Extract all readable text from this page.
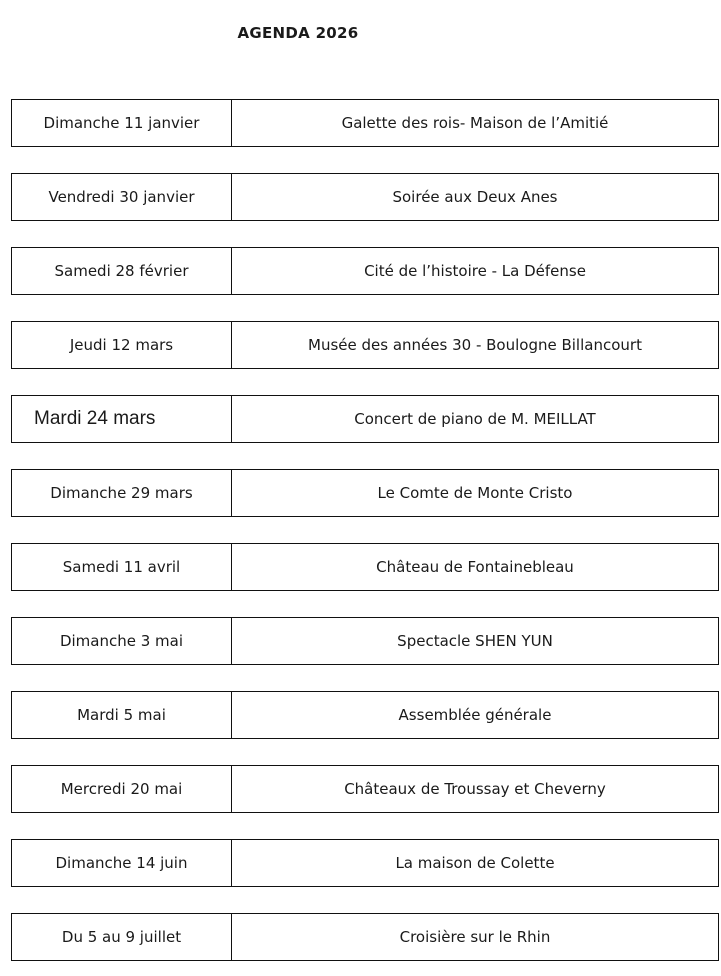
AGENDA 2026
Dimanche 11 janvier	Galette des rois- Maison de l’Amitié
Vendredi 30 janvier	Soirée aux Deux Anes
Samedi 28 février	Cité de l’histoire - La Défense
Jeudi 12 mars	Musée des années 30 - Boulogne Billancourt
Mardi 24 mars	Concert de piano de M. MEILLAT
Dimanche 29 mars	Le Comte de Monte Cristo
Samedi 11 avril	Château de Fontainebleau
Dimanche 3 mai	Spectacle SHEN YUN
Mardi 5 mai	Assemblée générale
Mercredi 20 mai	Châteaux de Troussay et Cheverny
Dimanche 14 juin	La maison de Colette
Du 5 au 9 juillet	Croisière sur le Rhin
